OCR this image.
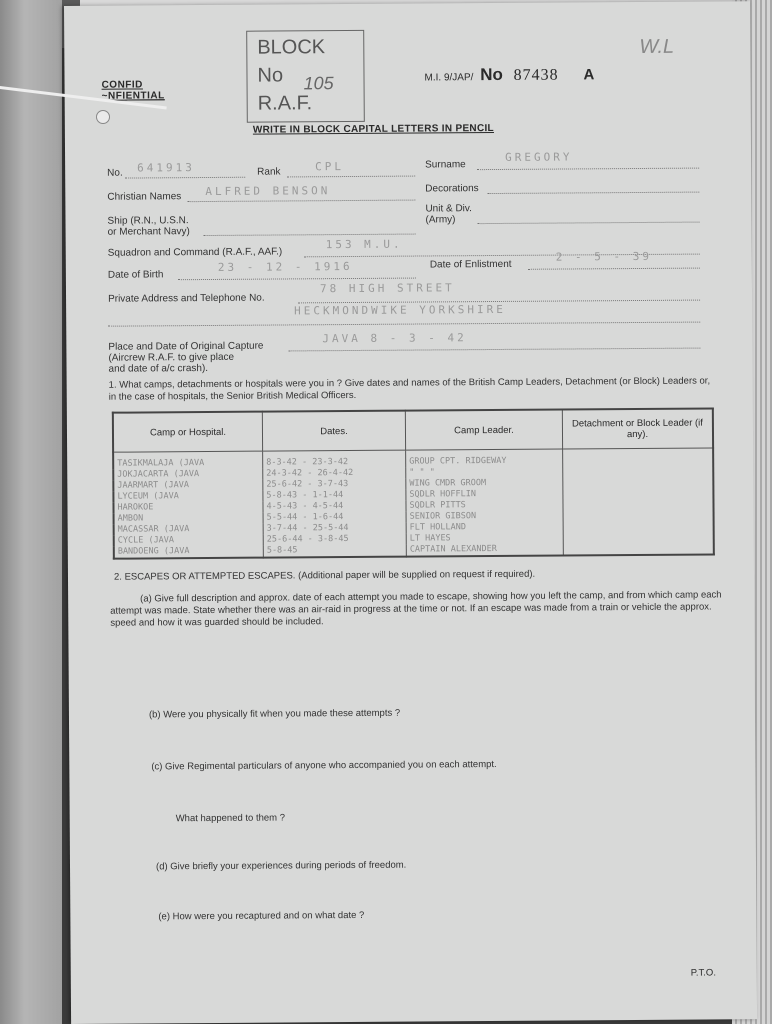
CONFID
~NFIENTIAL
BLOCK
No
R.A.F.
105	M.I. 9/JAP/ No 87438 A
W.L
WRITE IN BLOCK CAPITAL LETTERS IN PENCIL
No. 641913	Rank	CPL	Surname
GREGORY
Christian Names ALFRED BENSON	Decorations
Ship (R.N., U.S.N.
or Merchant Navy)
Unit & Div.
(Army)
Squadron and Command (R.A.F., AAF.)
153 M.U.
Date of Birth
23 - 12 - 1916	Date of Enlistment
2 - 5 - 39
Private Address and Telephone No.
78 HIGH STREET
HECKMONDWIKE YORKSHIRE
Place and Date of Original Capture
(Aircrew R.A.F. to give place
and date of a/c crash).
JAVA 8 - 3 - 42
1. What camps, detachments or hospitals were you in ? Give dates and names of the British Camp Leaders, Detachment (or Block) Leaders or, in the case of hospitals, the Senior British Medical Officers.
Camp or Hospital.	Dates.	Camp Leader.	Detachment or Block Leader (if any).
TASIKMALAJA (JAVA	8-3-42 - 23-3-42	GROUP CPT. RIDGEWAY	
JOKJACARTA (JAVA	24-3-42 - 26-4-42	" " "	
JAARMART (JAVA	25-6-42 - 3-7-43	WING CMDR GROOM	
LYCEUM (JAVA	5-8-43 - 1-1-44	SQDLR HOFFLIN	
HAROKOE	4-5-43 - 4-5-44	SQDLR PITTS	
AMBON	5-5-44 - 1-6-44	SENIOR GIBSON	
MACASSAR (JAVA	3-7-44 - 25-5-44	FLT HOLLAND	
CYCLE (JAVA	25-6-44 - 3-8-45	LT HAYES	
BANDOENG (JAVA	5-8-45	CAPTAIN ALEXANDER	
2. ESCAPES OR ATTEMPTED ESCAPES. (Additional paper will be supplied on request if required).
(a) Give full description and approx. date of each attempt you made to escape, showing how you left the camp, and from which camp each attempt was made. State whether there was an air-raid in progress at the time or not. If an escape was made from a train or vehicle the approx. speed and how it was guarded should be included.
(b) Were you physically fit when you made these attempts ?
(c) Give Regimental particulars of anyone who accompanied you on each attempt.
What happened to them ?
(d) Give briefly your experiences during periods of freedom.
(e) How were you recaptured and on what date ?
P.T.O.
